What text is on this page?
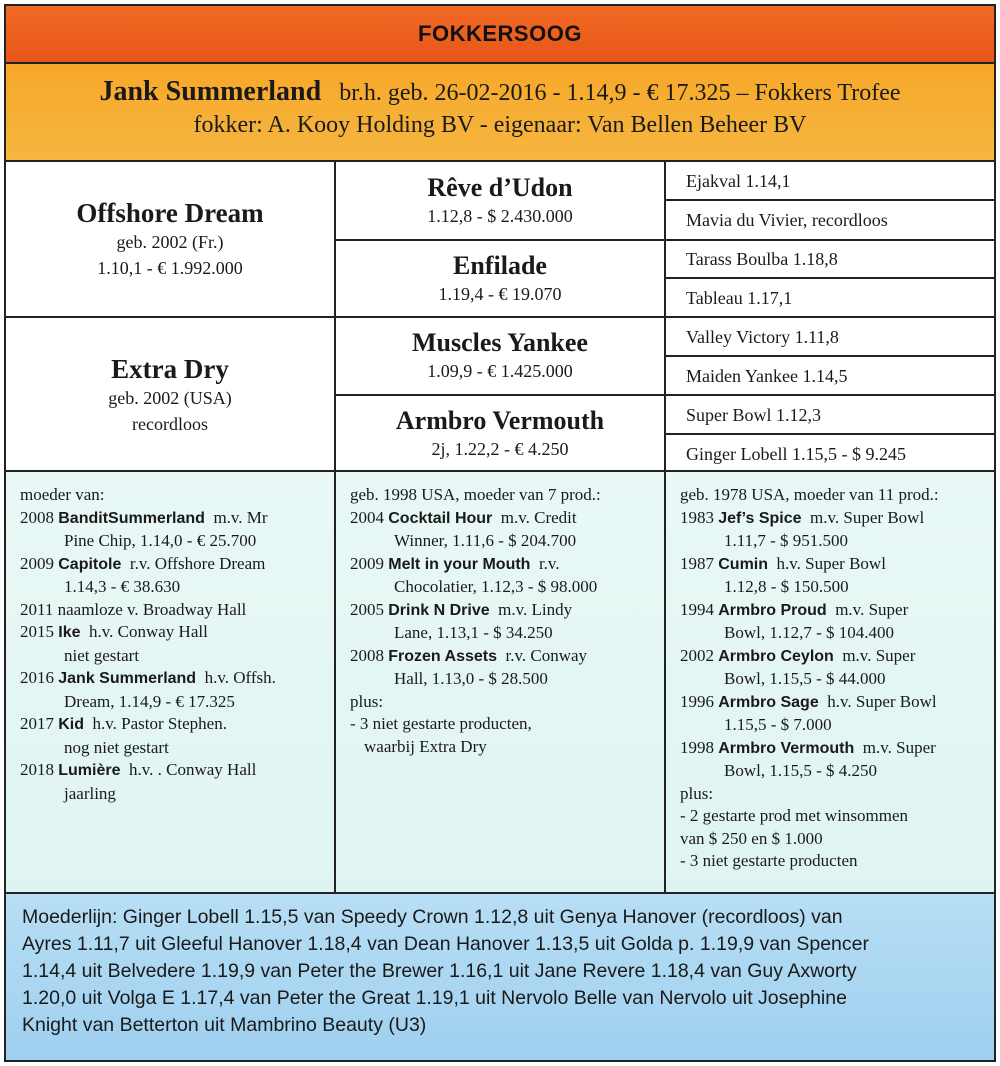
FOKKERSOOG
Jank Summerland br.h. geb. 26-02-2016 - 1.14,9 - € 17.325 – Fokkers Trofee
fokker: A. Kooy Holding BV - eigenaar: Van Bellen Beheer BV
Offshore Dream
geb. 2002 (Fr.)
1.10,1 - € 1.992.000
Extra Dry
geb. 2002 (USA)
recordloos
Rêve d’Udon
1.12,8 - $ 2.430.000
Enfilade
1.19,4 - € 19.070
Muscles Yankee
1.09,9 - € 1.425.000
Armbro Vermouth
2j, 1.22,2 - € 4.250
Ejakval 1.14,1
Mavia du Vivier, recordloos
Tarass Boulba 1.18,8
Tableau 1.17,1
Valley Victory 1.11,8
Maiden Yankee 1.14,5
Super Bowl 1.12,3
Ginger Lobell 1.15,5 - $ 9.245
moeder van:
2008 BanditSummerland m.v. Mr
Pine Chip, 1.14,0 - € 25.700
2009 Capitole r.v. Offshore Dream
1.14,3 - € 38.630
2011 naamloze v. Broadway Hall
2015 Ike h.v. Conway Hall
niet gestart
2016 Jank Summerland h.v. Offsh.
Dream, 1.14,9 - € 17.325
2017 Kid h.v. Pastor Stephen.
nog niet gestart
2018 Lumière h.v. . Conway Hall
jaarling
geb. 1998 USA, moeder van 7 prod.:
2004 Cocktail Hour m.v. Credit
Winner, 1.11,6 - $ 204.700
2009 Melt in your Mouth r.v.
Chocolatier, 1.12,3 - $ 98.000
2005 Drink N Drive m.v. Lindy
Lane, 1.13,1 - $ 34.250
2008 Frozen Assets r.v. Conway
Hall, 1.13,0 - $ 28.500
plus:
- 3 niet gestarte producten,
waarbij Extra Dry
geb. 1978 USA, moeder van 11 prod.:
1983 Jef’s Spice m.v. Super Bowl
1.11,7 - $ 951.500
1987 Cumin h.v. Super Bowl
1.12,8 - $ 150.500
1994 Armbro Proud m.v. Super
Bowl, 1.12,7 - $ 104.400
2002 Armbro Ceylon m.v. Super
Bowl, 1.15,5 - $ 44.000
1996 Armbro Sage h.v. Super Bowl
1.15,5 - $ 7.000
1998 Armbro Vermouth m.v. Super
Bowl, 1.15,5 - $ 4.250
plus:
- 2 gestarte prod met winsommen
van $ 250 en $ 1.000
- 3 niet gestarte producten
Moederlijn: Ginger Lobell 1.15,5 van Speedy Crown 1.12,8 uit Genya Hanover (recordloos) van
Ayres 1.11,7 uit Gleeful Hanover 1.18,4 van Dean Hanover 1.13,5 uit Golda p. 1.19,9 van Spencer
1.14,4 uit Belvedere 1.19,9 van Peter the Brewer 1.16,1 uit Jane Revere 1.18,4 van Guy Axworty
1.20,0 uit Volga E 1.17,4 van Peter the Great 1.19,1 uit Nervolo Belle van Nervolo uit Josephine
Knight van Betterton uit Mambrino Beauty (U3)
